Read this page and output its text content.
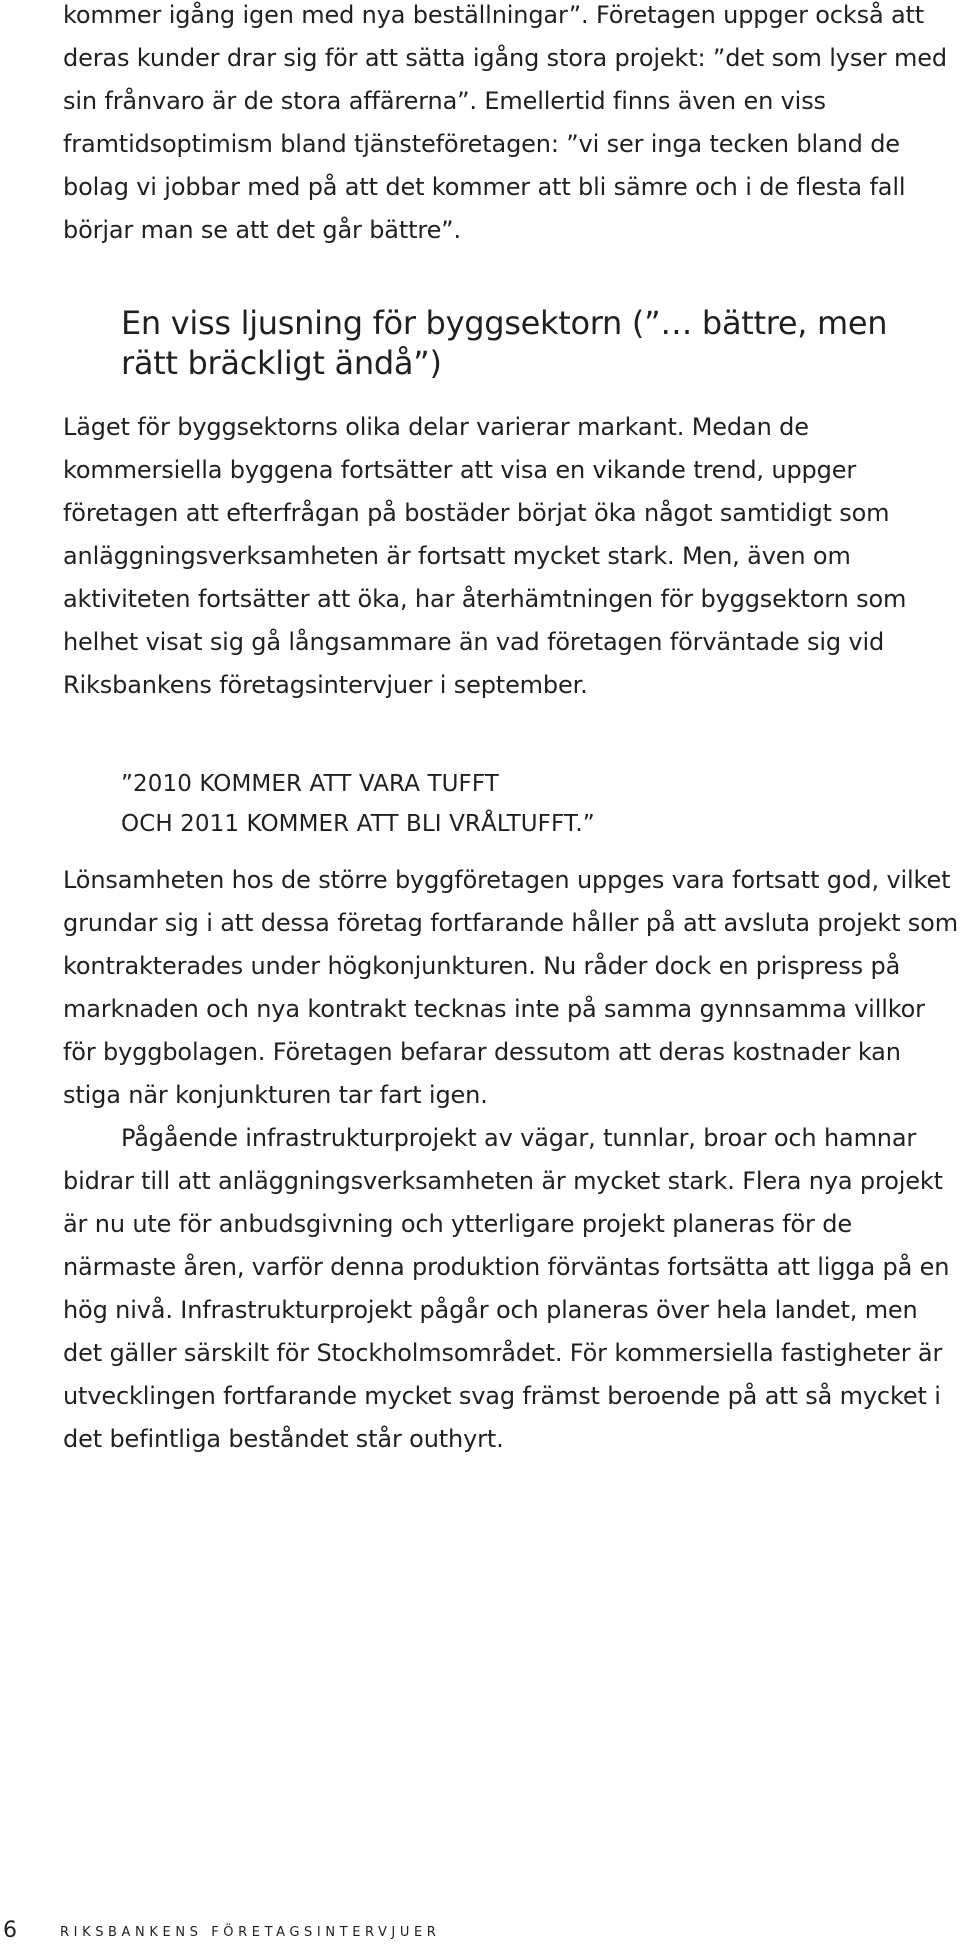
kommer igång igen med nya beställningar”. Företagen uppger också att deras kunder drar sig för att sätta igång stora projekt: ”det som lyser med sin frånvaro är de stora affärerna”. Emellertid finns även en viss framtidsoptimism bland tjänsteföretagen: ”vi ser inga tecken bland de bolag vi jobbar med på att det kommer att bli sämre och i de flesta fall börjar man se att det går bättre”.

En viss ljusning för byggsektorn (”… bättre, men rätt bräckligt ändå”)

Läget för byggsektorns olika delar varierar markant. Medan de kommersiella byggena fortsätter att visa en vikande trend, uppger företagen att efterfrågan på bostäder börjat öka något samtidigt som anläggningsverksamheten är fortsatt mycket stark. Men, även om aktiviteten fortsätter att öka, har återhämtningen för byggsektorn som helhet visat sig gå långsammare än vad företagen förväntade sig vid Riksbankens företagsintervjuer i september.

”2010 KOMMER ATT VARA TUFFT
OCH 2011 KOMMER ATT BLI VRÅLTUFFT.”

Lönsamheten hos de större byggföretagen uppges vara fortsatt god, vilket grundar sig i att dessa företag fortfarande håller på att avsluta projekt som kontrakterades under högkonjunkturen. Nu råder dock en prispress på marknaden och nya kontrakt tecknas inte på samma gynnsamma villkor för byggbolagen. Företagen befarar dessutom att deras kostnader kan stiga när konjunkturen tar fart igen.

Pågående infrastrukturprojekt av vägar, tunnlar, broar och hamnar bidrar till att anläggningsverksamheten är mycket stark. Flera nya projekt är nu ute för anbudsgivning och ytterligare projekt planeras för de närmaste åren, varför denna produktion förväntas fortsätta att ligga på en hög nivå. Infrastrukturprojekt pågår och planeras över hela landet, men det gäller särskilt för Stockholmsområdet. För kommersiella fastigheter är utvecklingen fortfarande mycket svag främst beroende på att så mycket i det befintliga beståndet står outhyrt.

6	RIKSBANKENS FÖRETAGSINTERVJUER
